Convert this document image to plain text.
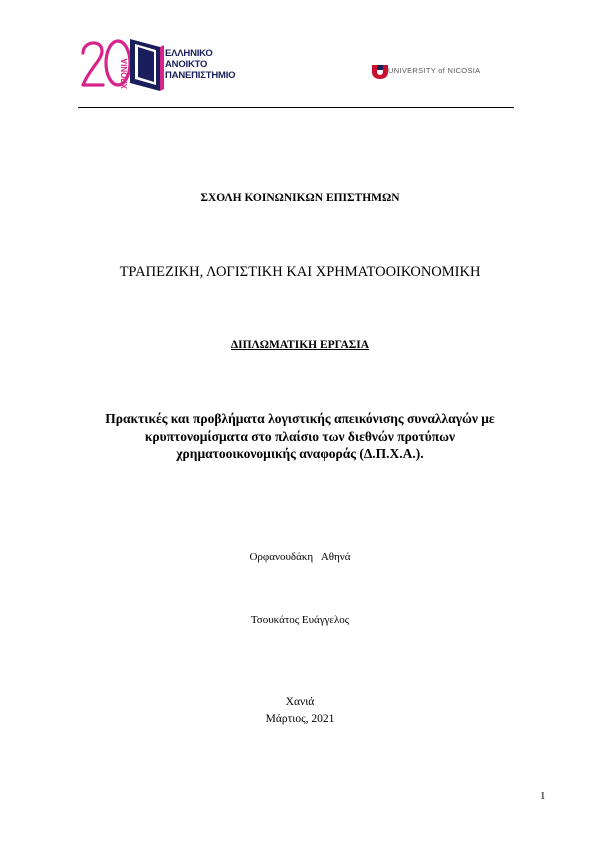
ΧΡΟΝΙΑ
ΕΛΛΗΝΙΚΟ
ΑΝΟΙΚΤΟ
ΠΑΝΕΠΙΣΤΗΜΙΟ	UNIVERSITY of NICOSIA
ΣΧΟΛΗ ΚΟΙΝΩΝΙΚΩΝ ΕΠΙΣΤΗΜΩΝ
ΤΡΑΠΕΖΙΚΗ, ΛΟΓΙΣΤΙΚΗ ΚΑΙ ΧΡΗΜΑΤΟΟΙΚΟΝΟΜΙΚΗ
ΔΙΠΛΩΜΑΤΙΚΗ ΕΡΓΑΣΙΑ
Πρακτικές και προβλήματα λογιστικής απεικόνισης συναλλαγών με
κρυπτονομίσματα στο πλαίσιο των διεθνών προτύπων
χρηματοοικονομικής αναφοράς (Δ.Π.Χ.Α.).
Ορφανουδάκη   Αθηνά
Τσουκάτος Ευάγγελος
Χανιά
Μάρτιος, 2021
1
